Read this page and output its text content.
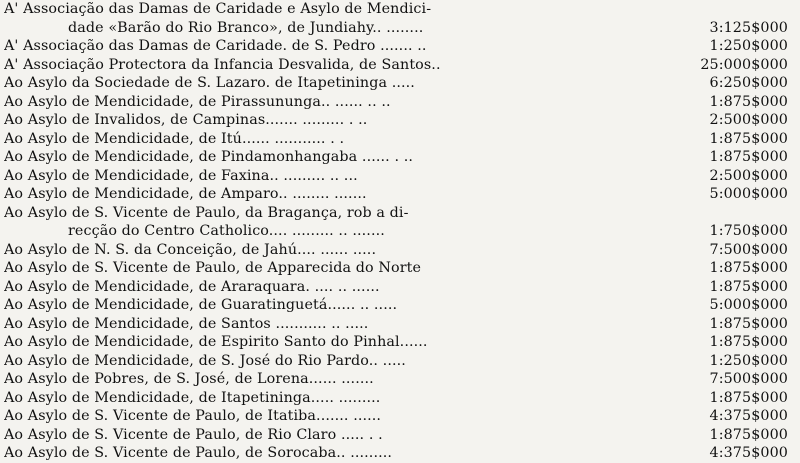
A' Associação das Damas de Caridade e Asylo de Mendici-
dade «Barão do Rio Branco», de Jundiahy.. ........	3:125$000
A' Associação das Damas de Caridade. de S. Pedro ....... ..	1:250$000
A' Associação Protectora da Infancia Desvalida, de Santos..	25:000$000
Ao Asylo da Sociedade de S. Lazaro. de Itapetininga .....	6:250$000
Ao Asylo de Mendicidade, de Pirassununga.. ...... .. ..	1:875$000
Ao Asylo de Invalidos, de Campinas....... ......... . ..	2:500$000
Ao Asylo de Mendicidade, de Itú...... ........... . .	1:875$000
Ao Asylo de Mendicidade, de Pindamonhangaba ...... . ..	1:875$000
Ao Asylo de Mendicidade, de Faxina.. ......... .. ...	2:500$000
Ao Asylo de Mendicidade, de Amparo.. ........ .......	5:000$000
Ao Asylo de S. Vicente de Paulo, da Bragança, rob a di-
recção do Centro Catholico.... ......... .. .......	1:750$000
Ao Asylo de N. S. da Conceição, de Jahú.... ...... .....	7:500$000
Ao Asylo de S. Vicente de Paulo, de Apparecida do Norte	1:875$000
Ao Asylo de Mendicidade, de Araraquara. .... .. ......	1:875$000
Ao Asylo de Mendicidade, de Guaratinguetá...... .. .....	5:000$000
Ao Asylo de Mendicidade, de Santos ........... .. .....	1:875$000
Ao Asylo de Mendicidade, de Espirito Santo do Pinhal......	1:875$000
Ao Asylo de Mendicidade, de S. José do Rio Pardo.. .....	1:250$000
Ao Asylo de Pobres, de S. José, de Lorena...... .......	7:500$000
Ao Asylo de Mendicidade, de Itapetininga..... .........	1:875$000
Ao Asylo de S. Vicente de Paulo, de Itatiba....... ......	4:375$000
Ao Asylo de S. Vicente de Paulo, de Rio Claro ..... . .	1:875$000
Ao Asylo de S. Vicente de Paulo, de Sorocaba.. .........	4:375$000
